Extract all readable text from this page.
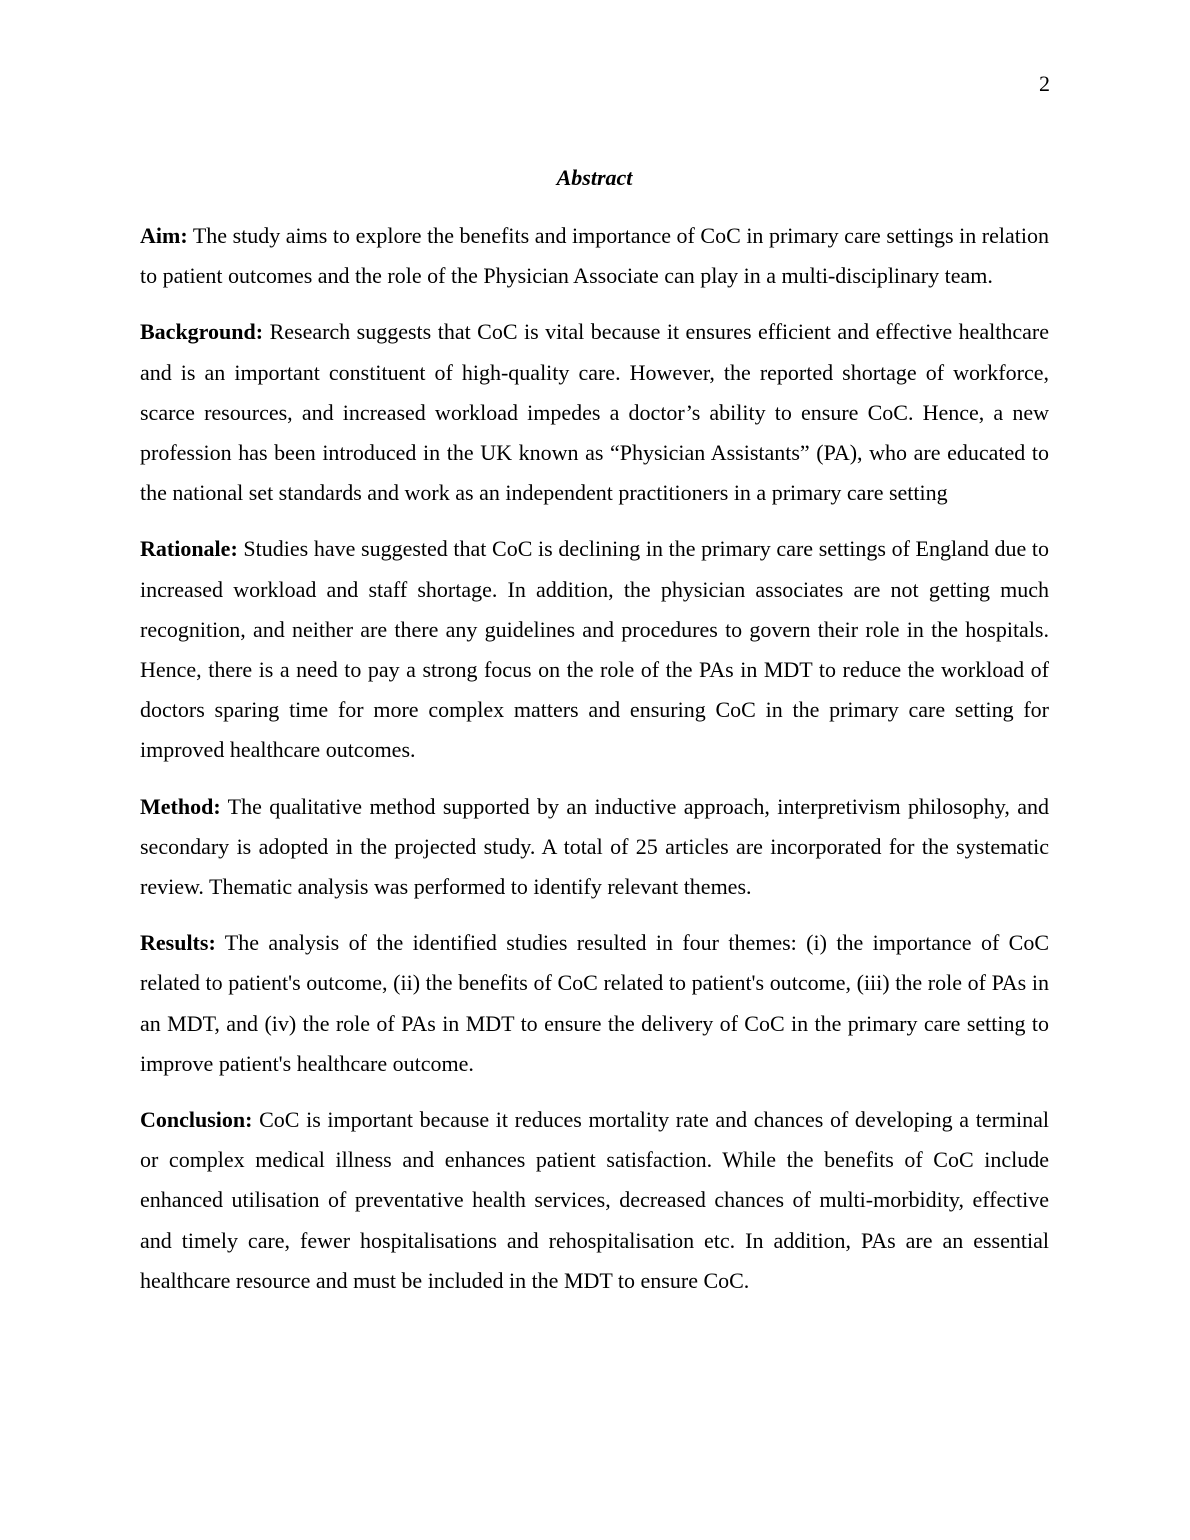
2
Abstract

Aim: The study aims to explore the benefits and importance of CoC in primary care settings in relation to patient outcomes and the role of the Physician Associate can play in a multi-disciplinary team.

Background: Research suggests that CoC is vital because it ensures efficient and effective healthcare and is an important constituent of high-quality care. However, the reported shortage of workforce, scarce resources, and increased workload impedes a doctor’s ability to ensure CoC. Hence, a new profession has been introduced in the UK known as “Physician Assistants” (PA), who are educated to the national set standards and work as an independent practitioners in a primary care setting

Rationale: Studies have suggested that CoC is declining in the primary care settings of England due to increased workload and staff shortage. In addition, the physician associates are not getting much recognition, and neither are there any guidelines and procedures to govern their role in the hospitals. Hence, there is a need to pay a strong focus on the role of the PAs in MDT to reduce the workload of doctors sparing time for more complex matters and ensuring CoC in the primary care setting for improved healthcare outcomes.

Method: The qualitative method supported by an inductive approach, interpretivism philosophy, and secondary is adopted in the projected study. A total of 25 articles are incorporated for the systematic review. Thematic analysis was performed to identify relevant themes.

Results: The analysis of the identified studies resulted in four themes: (i) the importance of CoC related to patient's outcome, (ii) the benefits of CoC related to patient's outcome, (iii) the role of PAs in an MDT, and (iv) the role of PAs in MDT to ensure the delivery of CoC in the primary care setting to improve patient's healthcare outcome.

Conclusion: CoC is important because it reduces mortality rate and chances of developing a terminal or complex medical illness and enhances patient satisfaction. While the benefits of CoC include enhanced utilisation of preventative health services, decreased chances of multi-morbidity, effective and timely care, fewer hospitalisations and rehospitalisation etc. In addition, PAs are an essential healthcare resource and must be included in the MDT to ensure CoC.
